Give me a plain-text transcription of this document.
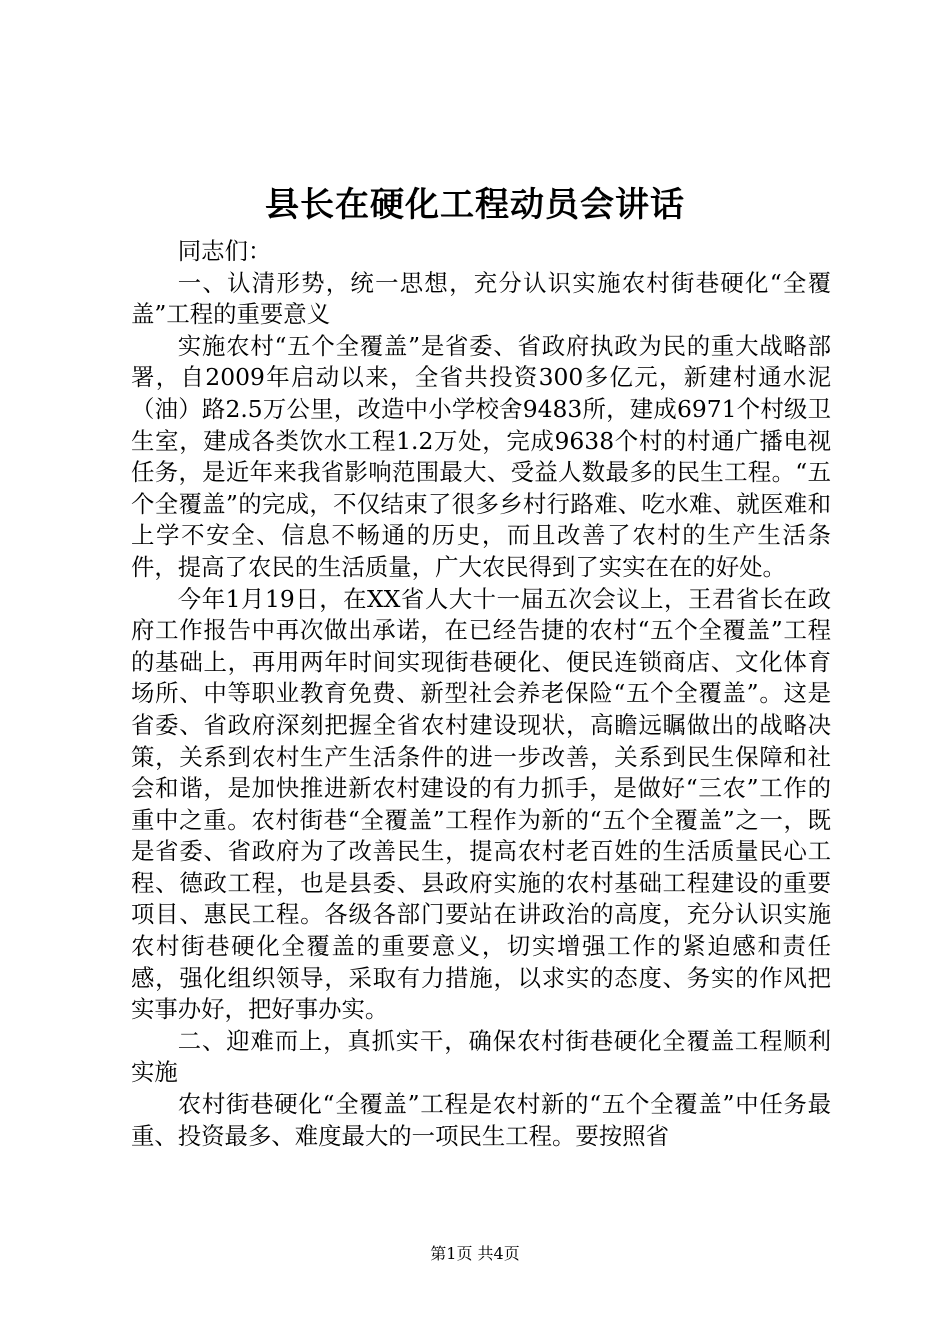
县长在硬化工程动员会讲话

同志们：

一、认清形势，统一思想，充分认识实施农村街巷硬化“全覆盖”工程的重要意义

实施农村“五个全覆盖”是省委、省政府执政为民的重大战略部署，自2009年启动以来，全省共投资300多亿元，新建村通水泥（油）路2.5万公里，改造中小学校舍9483所，建成6971个村级卫生室，建成各类饮水工程1.2万处，完成9638个村的村通广播电视任务，是近年来我省影响范围最大、受益人数最多的民生工程。“五个全覆盖”的完成，不仅结束了很多乡村行路难、吃水难、就医难和上学不安全、信息不畅通的历史，而且改善了农村的生产生活条件，提高了农民的生活质量，广大农民得到了实实在在的好处。

今年1月19日，在XX省人大十一届五次会议上，王君省长在政府工作报告中再次做出承诺，在已经告捷的农村“五个全覆盖”工程的基础上，再用两年时间实现街巷硬化、便民连锁商店、文化体育场所、中等职业教育免费、新型社会养老保险“五个全覆盖”。这是省委、省政府深刻把握全省农村建设现状，高瞻远瞩做出的战略决策，关系到农村生产生活条件的进一步改善，关系到民生保障和社会和谐，是加快推进新农村建设的有力抓手，是做好“三农”工作的重中之重。农村街巷“全覆盖”工程作为新的“五个全覆盖”之一，既是省委、省政府为了改善民生，提高农村老百姓的生活质量民心工程、德政工程，也是县委、县政府实施的农村基础工程建设的重要项目、惠民工程。各级各部门要站在讲政治的高度，充分认识实施农村街巷硬化全覆盖的重要意义，切实增强工作的紧迫感和责任感，强化组织领导，采取有力措施，以求实的态度、务实的作风把实事办好，把好事办实。

二、迎难而上，真抓实干，确保农村街巷硬化全覆盖工程顺利实施

农村街巷硬化“全覆盖”工程是农村新的“五个全覆盖”中任务最重、投资最多、难度最大的一项民生工程。要按照省

第1页 共4页
